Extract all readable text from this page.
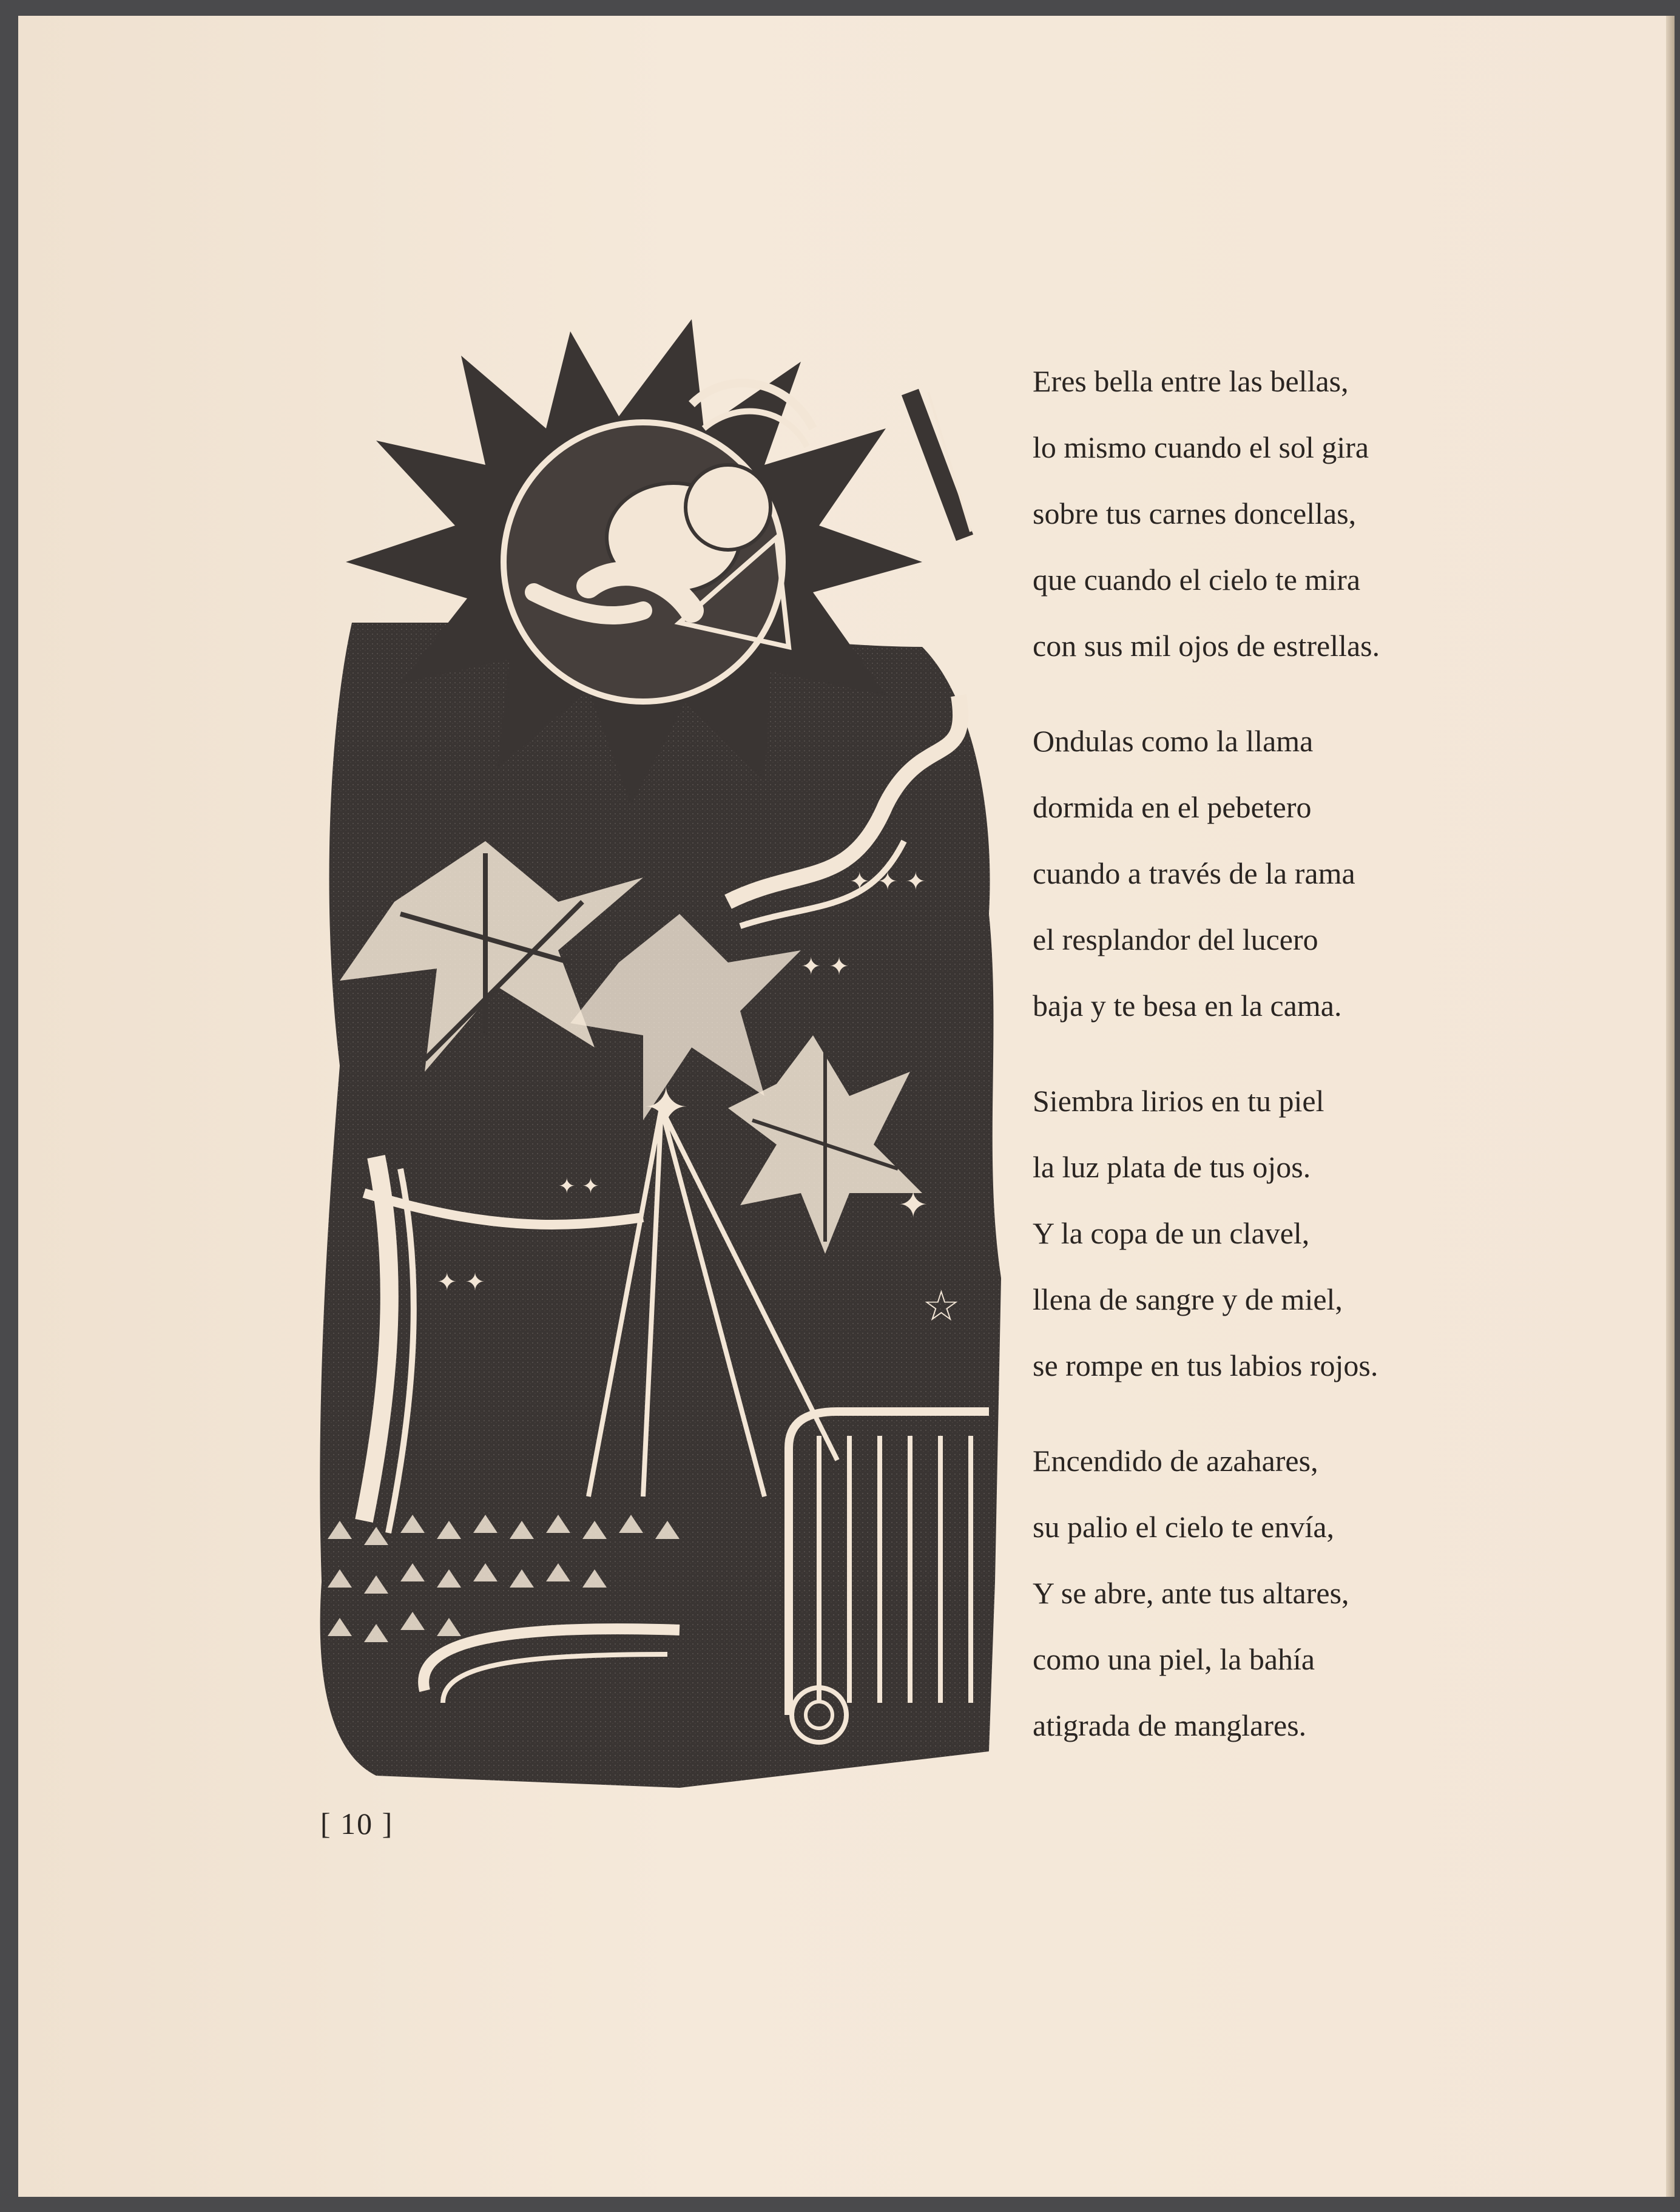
✦
✦
☆
✦ ✦ ✦
✦ ✦
✦ ✦
✦ ✦
Eres bella entre las bellas,
lo mismo cuando el sol gira
sobre tus carnes doncellas,
que cuando el cielo te mira
con sus mil ojos de estrellas.
Ondulas como la llama
dormida en el pebetero
cuando a través de la rama
el resplandor del lucero
baja y te besa en la cama.
Siembra lirios en tu piel
la luz plata de tus ojos.
Y la copa de un clavel,
llena de sangre y de miel,
se rompe en tus labios rojos.
Encendido de azahares,
su palio el cielo te envía,
Y se abre, ante tus altares,
como una piel, la bahía
atigrada de manglares.
[ 10 ]
